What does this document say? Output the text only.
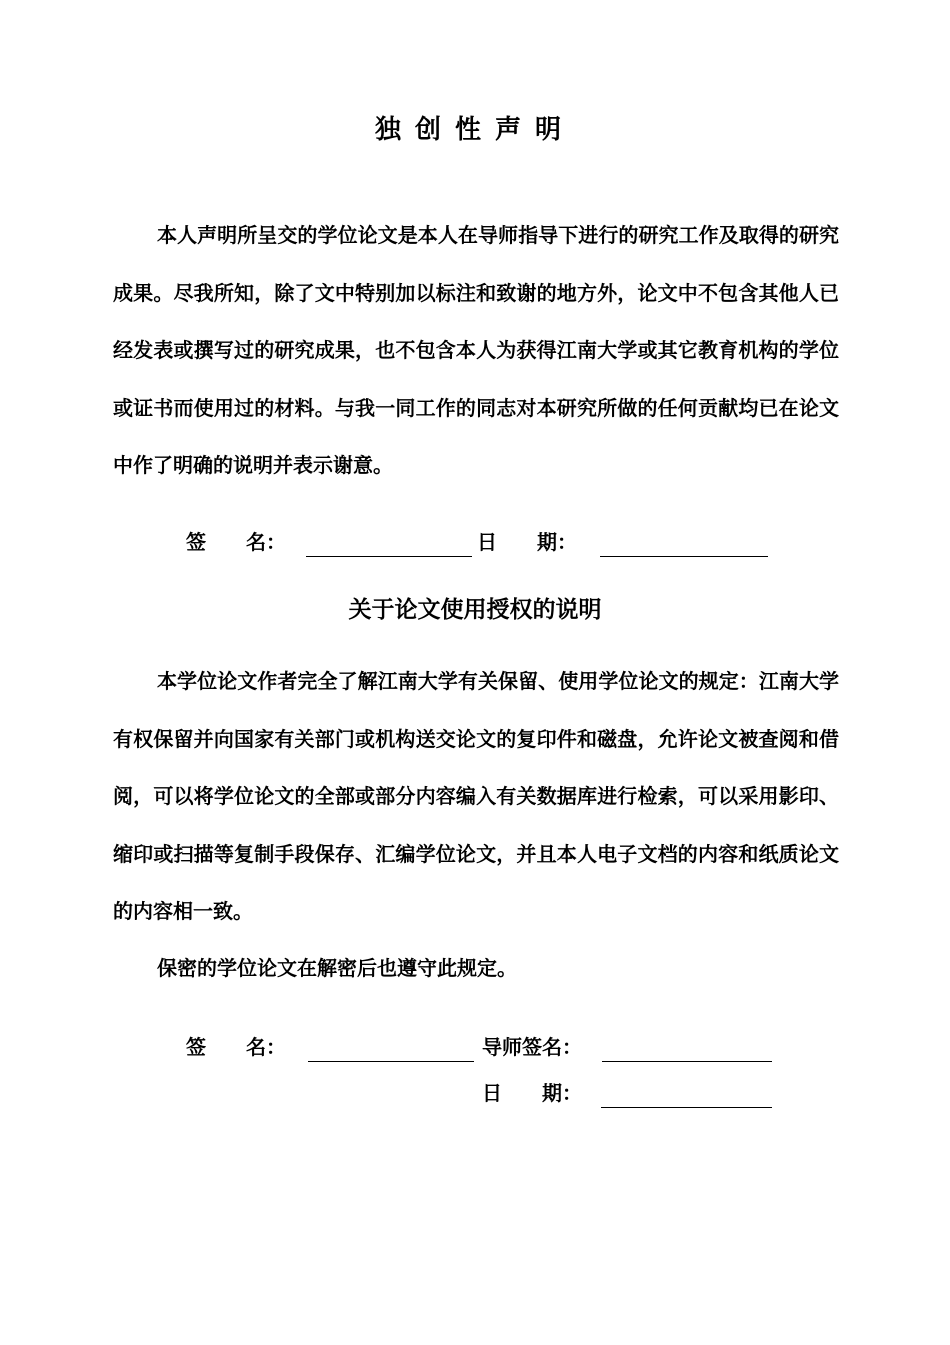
独创性声明
本人声明所呈交的学位论文是本人在导师指导下进行的研究工作及取得的研究成果。尽我所知，除了文中特别加以标注和致谢的地方外，论文中不包含其他人已经发表或撰写过的研究成果，也不包含本人为获得江南大学或其它教育机构的学位或证书而使用过的材料。与我一同工作的同志对本研究所做的任何贡献均已在论文中作了明确的说明并表示谢意。
签　　名：	日　　期：
关于论文使用授权的说明
本学位论文作者完全了解江南大学有关保留、使用学位论文的规定：江南大学有权保留并向国家有关部门或机构送交论文的复印件和磁盘，允许论文被查阅和借阅，可以将学位论文的全部或部分内容编入有关数据库进行检索，可以采用影印、缩印或扫描等复制手段保存、汇编学位论文，并且本人电子文档的内容和纸质论文的内容相一致。
保密的学位论文在解密后也遵守此规定。
签　　名：	导师签名：
日　　期：
